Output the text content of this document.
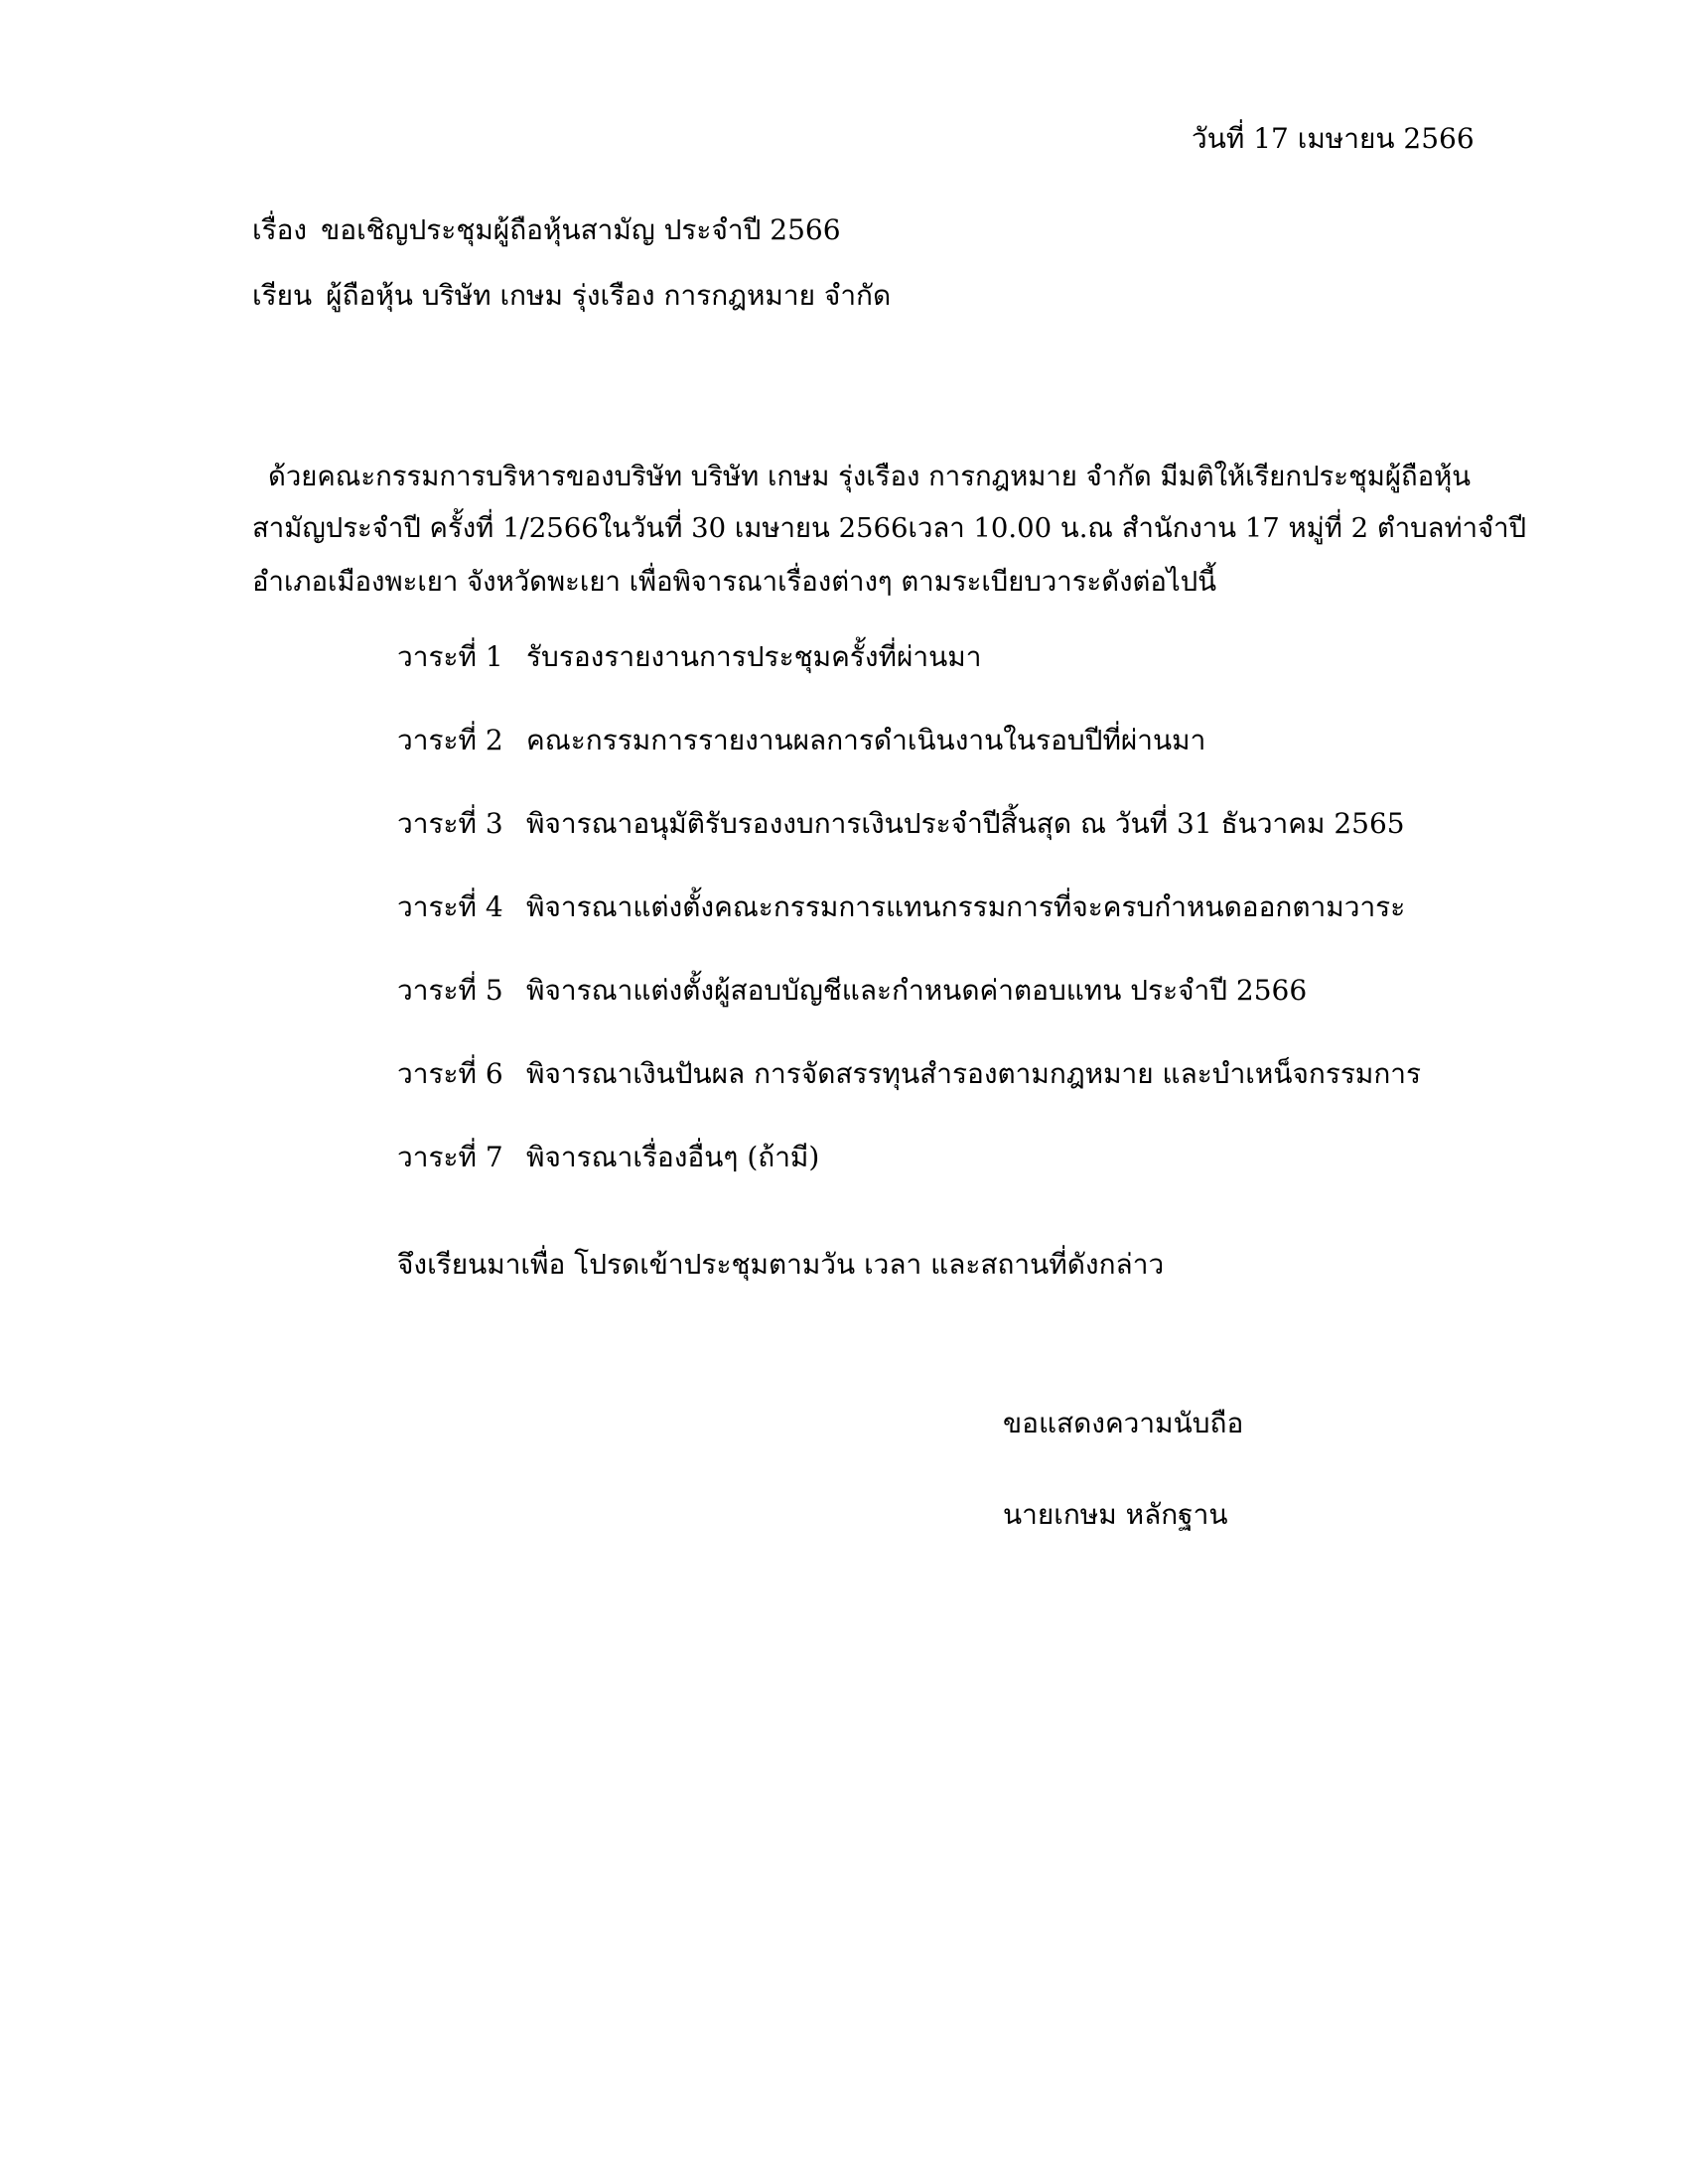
วันที่ 17 เมษายน 2566
เรื่อง ขอเชิญประชุมผู้ถือหุ้นสามัญ ประจำปี 2566
เรียน ผู้ถือหุ้น บริษัท เกษม รุ่งเรือง การกฎหมาย จำกัด
ด้วยคณะกรรมการบริหารของบริษัท บริษัท เกษม รุ่งเรือง การกฎหมาย จำกัด มีมติให้เรียกประชุมผู้ถือหุ้น
สามัญประจำปี ครั้งที่ 1/2566ในวันที่ 30 เมษายน 2566เวลา 10.00 น.ณ สำนักงาน 17 หมู่ที่ 2 ตำบลท่าจำปี
อำเภอเมืองพะเยา จังหวัดพะเยา เพื่อพิจารณาเรื่องต่างๆ ตามระเบียบวาระดังต่อไปนี้
วาระที่ 1 รับรองรายงานการประชุมครั้งที่ผ่านมา
วาระที่ 2 คณะกรรมการรายงานผลการดำเนินงานในรอบปีที่ผ่านมา
วาระที่ 3 พิจารณาอนุมัติรับรองงบการเงินประจำปีสิ้นสุด ณ วันที่ 31 ธันวาคม 2565
วาระที่ 4 พิจารณาแต่งตั้งคณะกรรมการแทนกรรมการที่จะครบกำหนดออกตามวาระ
วาระที่ 5 พิจารณาแต่งตั้งผู้สอบบัญชีและกำหนดค่าตอบแทน ประจำปี 2566
วาระที่ 6 พิจารณาเงินปันผล การจัดสรรทุนสำรองตามกฎหมาย และบำเหน็จกรรมการ
วาระที่ 7 พิจารณาเรื่องอื่นๆ (ถ้ามี)
จึงเรียนมาเพื่อ โปรดเข้าประชุมตามวัน เวลา และสถานที่ดังกล่าว
ขอแสดงความนับถือ
นายเกษม หลักฐาน
